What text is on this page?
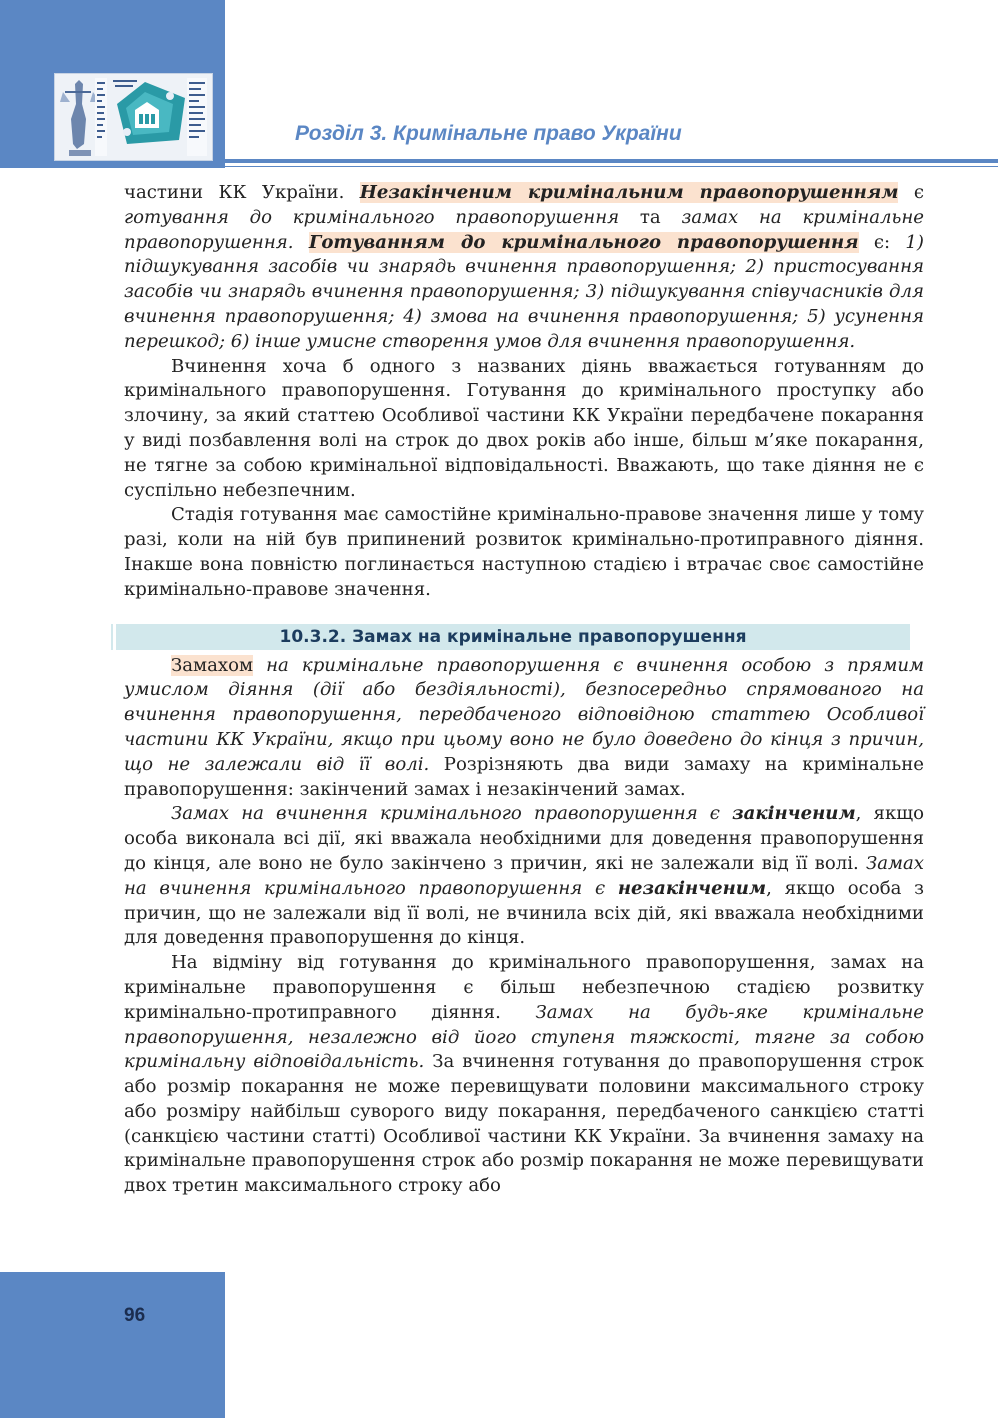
Розділ 3. Кримінальне право України

частини КК України. Незакінченим кримінальним правопорушенням є готування до кримінального правопорушення та замах на кримінальне правопорушення. Готуванням до кримінального правопорушення є: 1) підшукування засобів чи знарядь вчинення правопорушення; 2) пристосування засобів чи знарядь вчинення правопорушення; 3) підшукування співучасників для вчинення правопорушення; 4) змова на вчинення правопорушення; 5) усунення перешкод; 6) інше умисне створення умов для вчинення правопорушення.

Вчинення хоча б одного з названих діянь вважається готуванням до кримінального правопорушення. Готування до кримінального проступку або злочину, за який статтею Особливої частини КК України передбачене покарання у виді позбавлення волі на строк до двох років або інше, більш м’яке покарання, не тягне за собою кримінальної відповідальності. Вважають, що таке діяння не є суспільно небезпечним.

Стадія готування має самостійне кримінально-правове значення лише у тому разі, коли на ній був припинений розвиток кримінально-протиправного діяння. Інакше вона повністю поглинається наступною стадією і втрачає своє самостійне кримінально-правове значення.

10.3.2. Замах на кримінальне правопорушення

Замахом на кримінальне правопорушення є вчинення особою з прямим умислом діяння (дії або бездіяльності), безпосередньо спрямованого на вчинення правопорушення, передбаченого відповідною статтею Особливої частини КК України, якщо при цьому воно не було доведено до кінця з причин, що не залежали від її волі. Розрізняють два види замаху на кримінальне правопорушення: закінчений замах і незакінчений замах.

Замах на вчинення кримінального правопорушення є закінченим, якщо особа виконала всі дії, які вважала необхідними для доведення правопорушення до кінця, але воно не було закінчено з причин, які не залежали від її волі. Замах на вчинення кримінального правопорушення є незакінченим, якщо особа з причин, що не залежали від її волі, не вчинила всіх дій, які вважала необхідними для доведення правопорушення до кінця.

На відміну від готування до кримінального правопорушення, замах на кримінальне правопорушення є більш небезпечною стадією розвитку кримінально-протиправного діяння. Замах на будь-яке кримінальне правопорушення, незалежно від його ступеня тяжкості, тягне за собою кримінальну відповідальність. За вчинення готування до правопорушення строк або розмір покарання не може перевищувати половини максимального строку або розміру найбільш суворого виду покарання, передбаченого санкцією статті (санкцією частини статті) Особливої частини КК України. За вчинення замаху на кримінальне правопорушення строк або розмір покарання не може перевищувати двох третин максимального строку або

96
